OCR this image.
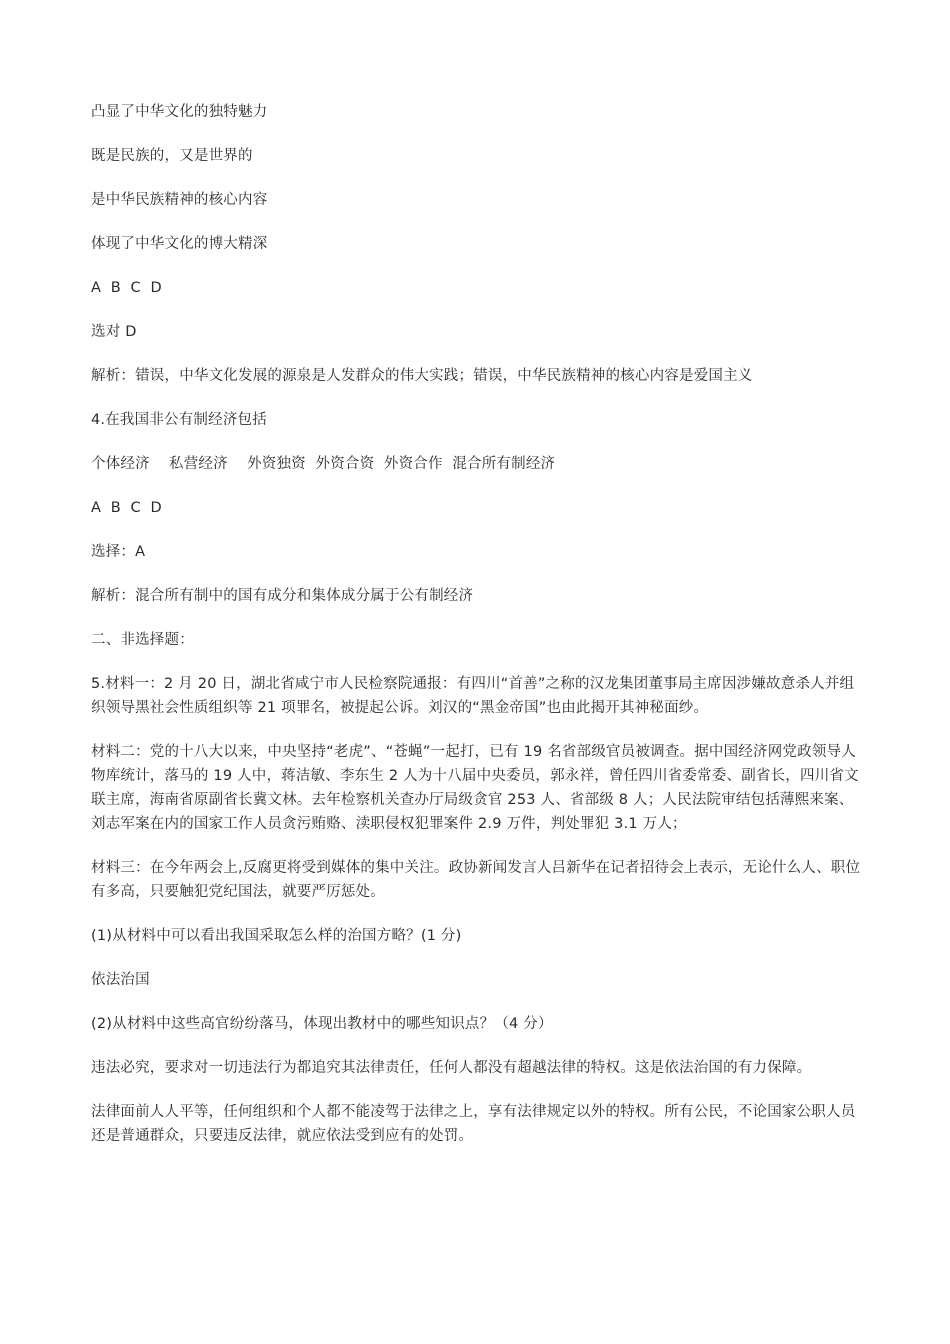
凸显了中华文化的独特魅力

既是民族的，又是世界的

是中华民族精神的核心内容

体现了中华文化的博大精深

A  B  C  D

选对 D

解析：错误，中华文化发展的源泉是人发群众的伟大实践；错误，中华民族精神的核心内容是爱国主义

4.在我国非公有制经济包括

个体经济    私营经济    外资独资  外资合资  外资合作  混合所有制经济

A  B  C  D

选择：A

解析：混合所有制中的国有成分和集体成分属于公有制经济

二、非选择题：

5.材料一：2 月 20 日，湖北省咸宁市人民检察院通报：有四川“首善”之称的汉龙集团董事局主席因涉嫌故意杀人并组织领导黑社会性质组织等 21 项罪名，被提起公诉。刘汉的“黑金帝国”也由此揭开其神秘面纱。

材料二：党的十八大以来，中央坚持“老虎”、“苍蝇”一起打，已有 19 名省部级官员被调查。据中国经济网党政领导人物库统计，落马的 19 人中，蒋洁敏、李东生 2 人为十八届中央委员，郭永祥，曾任四川省委常委、副省长，四川省文联主席，海南省原副省长冀文林。去年检察机关查办厅局级贪官 253 人、省部级 8 人；人民法院审结包括薄熙来案、刘志军案在内的国家工作人员贪污贿赂、渎职侵权犯罪案件 2.9 万件，判处罪犯 3.1 万人；

材料三：在今年两会上,反腐更将受到媒体的集中关注。政协新闻发言人吕新华在记者招待会上表示，无论什么人、职位有多高，只要触犯党纪国法，就要严厉惩处。

(1)从材料中可以看出我国采取怎么样的治国方略？(1 分)

依法治国

(2)从材料中这些高官纷纷落马，体现出教材中的哪些知识点？（4 分）

违法必究，要求对一切违法行为都追究其法律责任，任何人都没有超越法律的特权。这是依法治国的有力保障。

法律面前人人平等，任何组织和个人都不能凌驾于法律之上，享有法律规定以外的特权。所有公民，不论国家公职人员还是普通群众，只要违反法律，就应依法受到应有的处罚。
